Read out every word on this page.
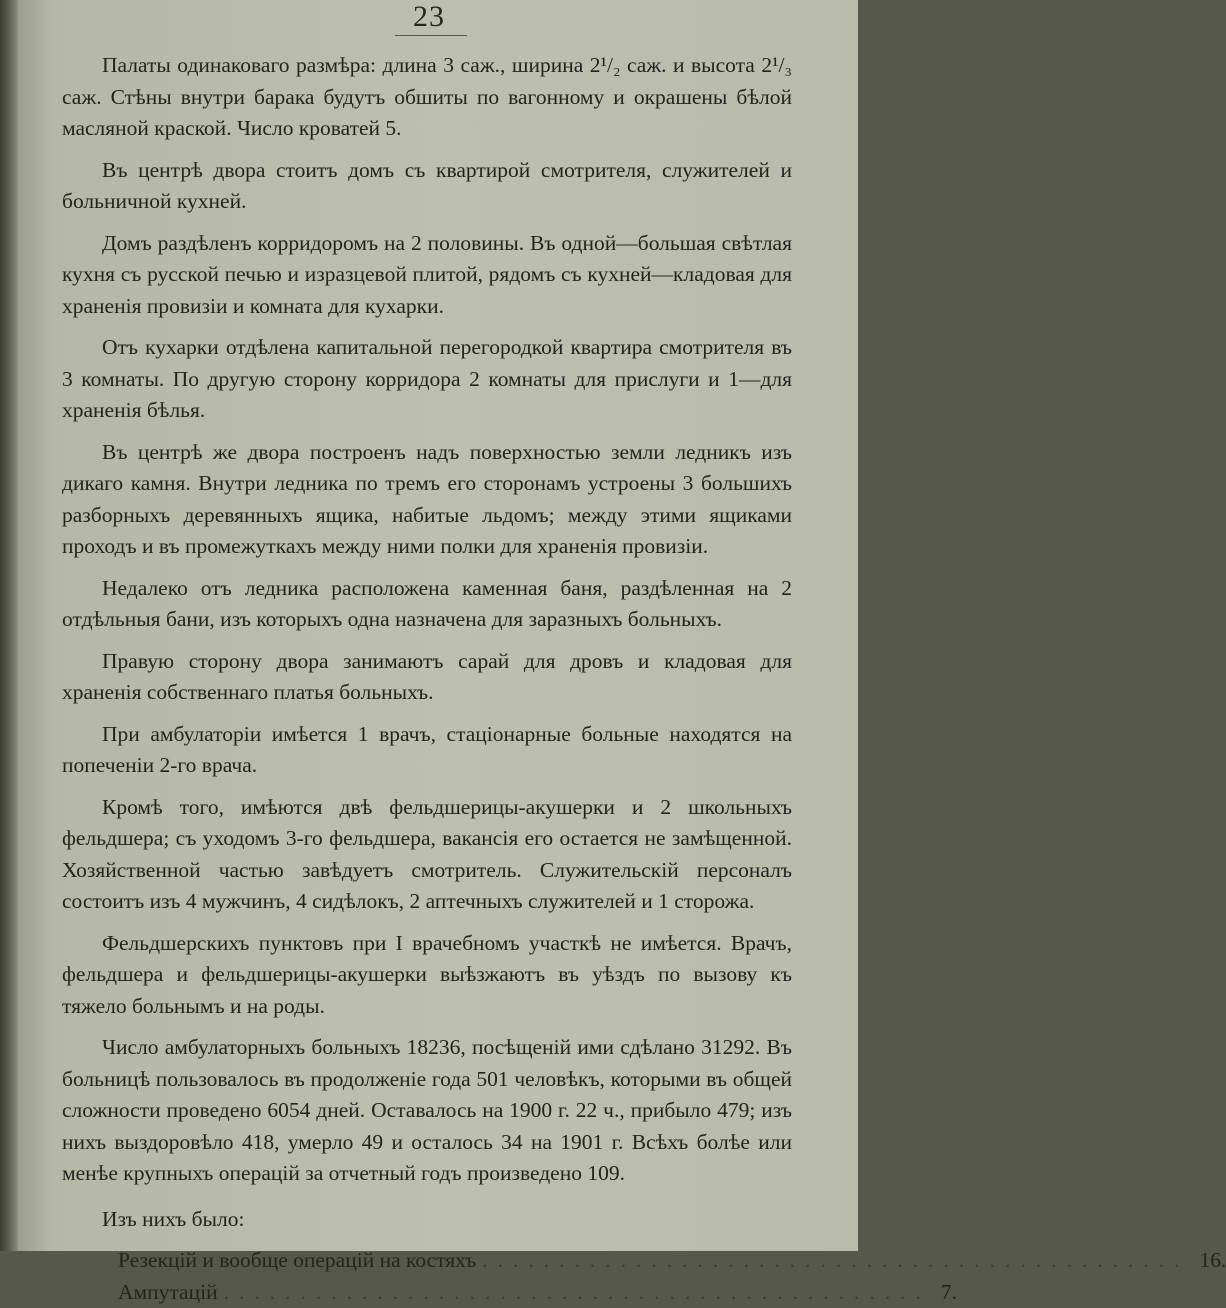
23

Палаты одинаковаго размѣра: длина 3 саж., ширина 2¹/₂ саж. и высота 2¹/₃ саж. Стѣны внутри барака будутъ обшиты по вагонному и окрашены бѣлой масляной краской. Число кроватей 5.

Въ центрѣ двора стоитъ домъ съ квартирой смотрителя, служителей и больничной кухней.

Домъ раздѣленъ корридоромъ на 2 половины. Въ одной—большая свѣтлая кухня съ русской печью и изразцевой плитой, рядомъ съ кухней—кладовая для храненія провизіи и комната для кухарки.

Отъ кухарки отдѣлена капитальной перегородкой квартира смотрителя въ 3 комнаты. По другую сторону корридора 2 комнаты для прислуги и 1—для храненія бѣлья.

Въ центрѣ же двора построенъ надъ поверхностью земли ледникъ изъ дикаго камня. Внутри ледника по тремъ его сторонамъ устроены 3 большихъ разборныхъ деревянныхъ ящика, набитые льдомъ; между этими ящиками проходъ и въ промежуткахъ между ними полки для храненія провизіи.

Недалеко отъ ледника расположена каменная баня, раздѣленная на 2 отдѣльныя бани, изъ которыхъ одна назначена для заразныхъ больныхъ.

Правую сторону двора занимаютъ сарай для дровъ и кладовая для храненія собственнаго платья больныхъ.

При амбулаторіи имѣется 1 врачъ, стаціонарные больные находятся на попеченіи 2-го врача.

Кромѣ того, имѣются двѣ фельдшерицы-акушерки и 2 школьныхъ фельдшера; съ уходомъ 3-го фельдшера, вакансія его остается не замѣщенной. Хозяйственной частью завѣдуетъ смотритель. Служительскій персоналъ состоитъ изъ 4 мужчинъ, 4 сидѣлокъ, 2 аптечныхъ служителей и 1 сторожа.

Фельдшерскихъ пунктовъ при I врачебномъ участкѣ не имѣется. Врачъ, фельдшера и фельдшерицы-акушерки выѣзжаютъ въ уѣздъ по вызову къ тяжело больнымъ и на роды.

Число амбулаторныхъ больныхъ 18236, посѣщеній ими сдѣлано 31292. Въ больницѣ пользовалось въ продолженіе года 501 человѣкъ, которыми въ общей сложности проведено 6054 дней. Оставалось на 1900 г. 22 ч., прибыло 479; изъ нихъ выздоровѣло 418, умерло 49 и осталось 34 на 1901 г. Всѣхъ болѣе или менѣе крупныхъ операцій за отчетный годъ произведено 109.

Изъ нихъ было:

Резекцій и вообще операцій на костяхъ .............................................. 16.
Ампутацій .............................................. 7.
